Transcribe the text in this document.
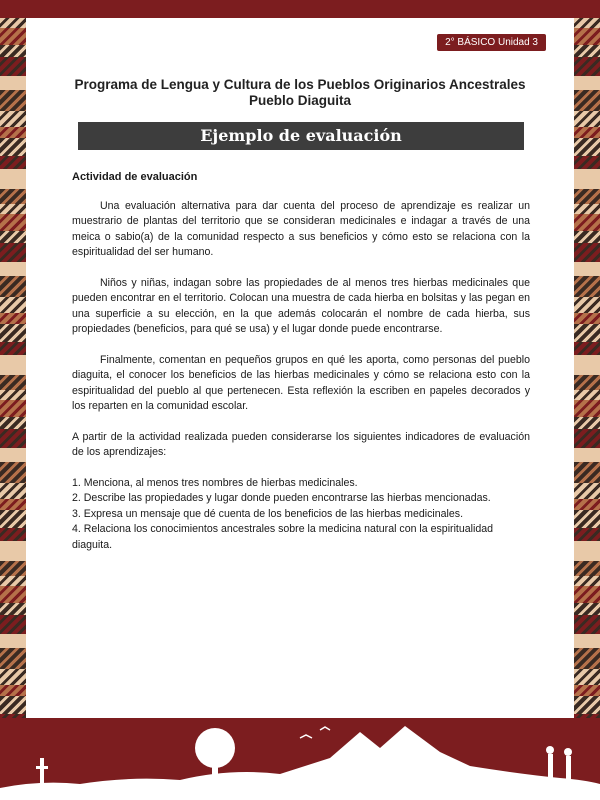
2° BÁSICO Unidad 3
Programa de Lengua y Cultura de los Pueblos Originarios Ancestrales
Pueblo Diaguita
Ejemplo de evaluación

Actividad de evaluación

Una evaluación alternativa para dar cuenta del proceso de aprendizaje es realizar un muestrario de plantas del territorio que se consideran medicinales e indagar a través de una meica o sabio(a) de la comunidad respecto a sus beneficios y cómo esto se relaciona con la espiritualidad del ser humano.

Niños y niñas, indagan sobre las propiedades de al menos tres hierbas medicinales que pueden encontrar en el territorio. Colocan una muestra de cada hierba en bolsitas y las pegan en una superficie a su elección, en la que además colocarán el nombre de cada hierba, sus propiedades (beneficios, para qué se usa) y el lugar donde puede encontrarse.

Finalmente, comentan en pequeños grupos en qué les aporta, como personas del pueblo diaguita, el conocer los beneficios de las hierbas medicinales y cómo se relaciona esto con la espiritualidad del pueblo al que pertenecen. Esta reflexión la escriben en papeles decorados y los reparten en la comunidad escolar.

A partir de la actividad realizada pueden considerarse los siguientes indicadores de evaluación de los aprendizajes:

1. Menciona, al menos tres nombres de hierbas medicinales.

2. Describe las propiedades y lugar donde pueden encontrarse las hierbas mencionadas.

3. Expresa un mensaje que dé cuenta de los beneficios de las hierbas medicinales.

4. Relaciona los conocimientos ancestrales sobre la medicina natural con la espiritualidad diaguita.
